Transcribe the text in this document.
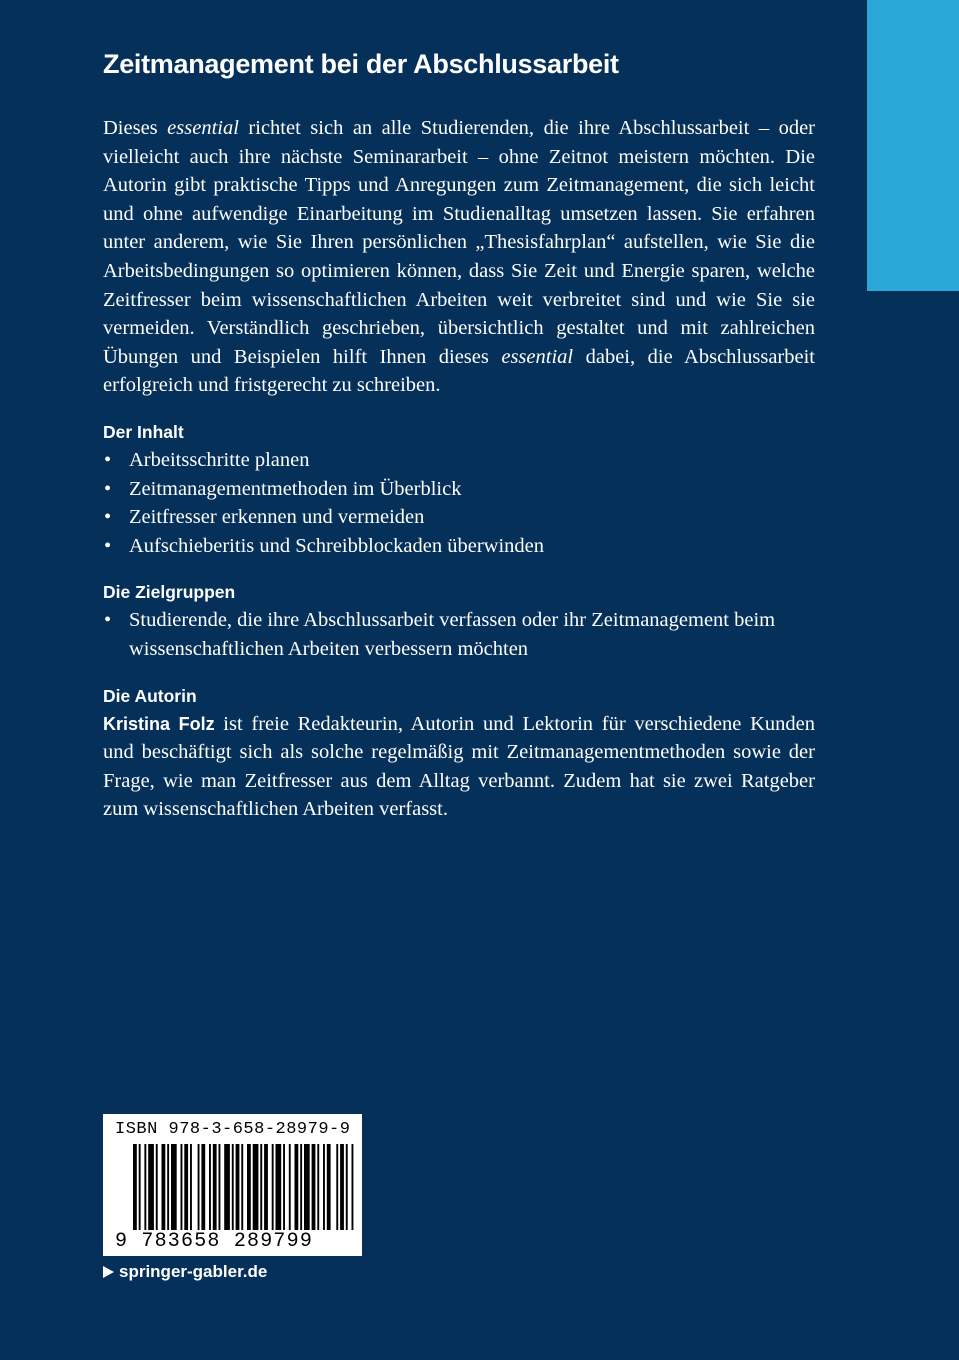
Zeitmanagement bei der Abschlussarbeit

Dieses essential richtet sich an alle Studierenden, die ihre Abschlussarbeit – oder vielleicht auch ihre nächste Seminararbeit – ohne Zeitnot meistern möchten. Die Autorin gibt praktische Tipps und Anregungen zum Zeitmanagement, die sich leicht und ohne aufwendige Einarbeitung im Studienalltag umsetzen lassen. Sie erfahren unter anderem, wie Sie Ihren persönlichen „Thesisfahrplan“ aufstellen, wie Sie die Arbeitsbedingungen so optimieren können, dass Sie Zeit und Energie sparen, welche Zeitfresser beim wissenschaftlichen Arbeiten weit verbreitet sind und wie Sie sie vermeiden. Verständlich geschrieben, übersichtlich gestaltet und mit zahlreichen Übungen und Beispielen hilft Ihnen dieses essential dabei, die Abschlussarbeit erfolgreich und fristgerecht zu schreiben.

Der Inhalt
• Arbeitsschritte planen
• Zeitmanagementmethoden im Überblick
• Zeitfresser erkennen und vermeiden
• Aufschieberitis und Schreibblockaden überwinden
Die Zielgruppen
• Studierende, die ihre Abschlussarbeit verfassen oder ihr Zeitmanagement beim wissenschaftlichen Arbeiten verbessern möchten
Die Autorin

Kristina Folz ist freie Redakteurin, Autorin und Lektorin für verschiedene Kunden und beschäftigt sich als solche regelmäßig mit Zeitmanagementmethoden sowie der Frage, wie man Zeitfresser aus dem Alltag verbannt. Zudem hat sie zwei Ratgeber zum wissenschaftlichen Arbeiten verfasst.

ISBN 978-3-658-28979-9
9 783658 289799
springer-gabler.de
